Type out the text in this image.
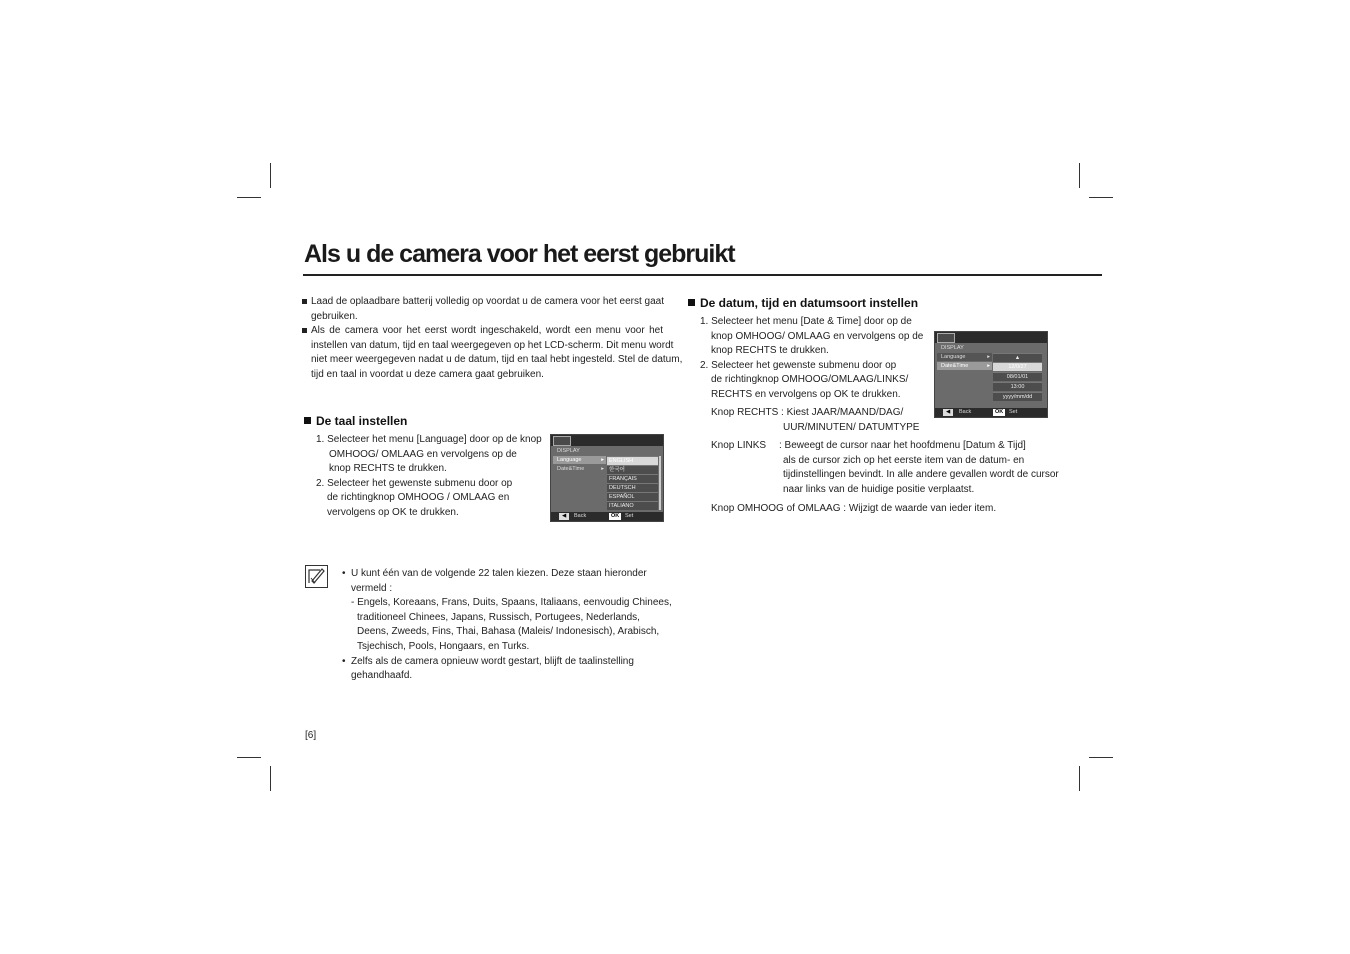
Als u de camera voor het eerst gebruikt
Laad de oplaadbare batterij volledig op voordat u de camera voor het eerst gaat
gebruiken.
Als de camera voor het eerst wordt ingeschakeld, wordt een menu voor het
instellen van datum, tijd en taal weergegeven op het LCD-scherm. Dit menu wordt
niet meer weergegeven nadat u de datum, tijd en taal hebt ingesteld. Stel de datum,
tijd en taal in voordat u deze camera gaat gebruiken.
De taal instellen
1. Selecteer het menu [Language] door op de knop
OMHOOG/ OMLAAG en vervolgens op de
knop RECHTS te drukken.
2. Selecteer het gewenste submenu door op
de richtingknop OMHOOG / OMLAAG en
vervolgens op OK te drukken.
DISPLAY
Language	▸
Date&Time	▸
ENGLISH
한국어
FRANÇAIS
DEUTSCH
ESPAÑOL
ITALIANO
◀	Back	OK	Set
De datum, tijd en datumsoort instellen
1. Selecteer het menu [Date & Time] door op de
knop OMHOOG/ OMLAAG en vervolgens op de
knop RECHTS te drukken.
2. Selecteer het gewenste submenu door op
de richtingknop OMHOOG/OMLAAG/LINKS/
RECHTS en vervolgens op OK te drukken.
Knop RECHTS : Kiest JAAR/MAAND/DAG/
UUR/MINUTEN/ DATUMTYPE
Knop LINKS : Beweegt de cursor naar het hoofdmenu [Datum & Tijd]
als de cursor zich op het eerste item van de datum- en
tijdinstellingen bevindt. In alle andere gevallen wordt de cursor
naar links van de huidige positie verplaatst.
Knop OMHOOG of OMLAAG : Wijzigt de waarde van ieder item.
DISPLAY
Language	▸
Date&Time	▸
▲
12/0/27
08/01/01
13:00
yyyy/mm/dd
◀	Back	OK	Set
• U kunt één van de volgende 22 talen kiezen. Deze staan hieronder
vermeld :
- Engels, Koreaans, Frans, Duits, Spaans, Italiaans, eenvoudig Chinees,
traditioneel Chinees, Japans, Russisch, Portugees, Nederlands,
Deens, Zweeds, Fins, Thai, Bahasa (Maleis/ Indonesisch), Arabisch,
Tsjechisch, Pools, Hongaars, en Turks.
• Zelfs als de camera opnieuw wordt gestart, blijft de taalinstelling
gehandhaafd.
[6]
